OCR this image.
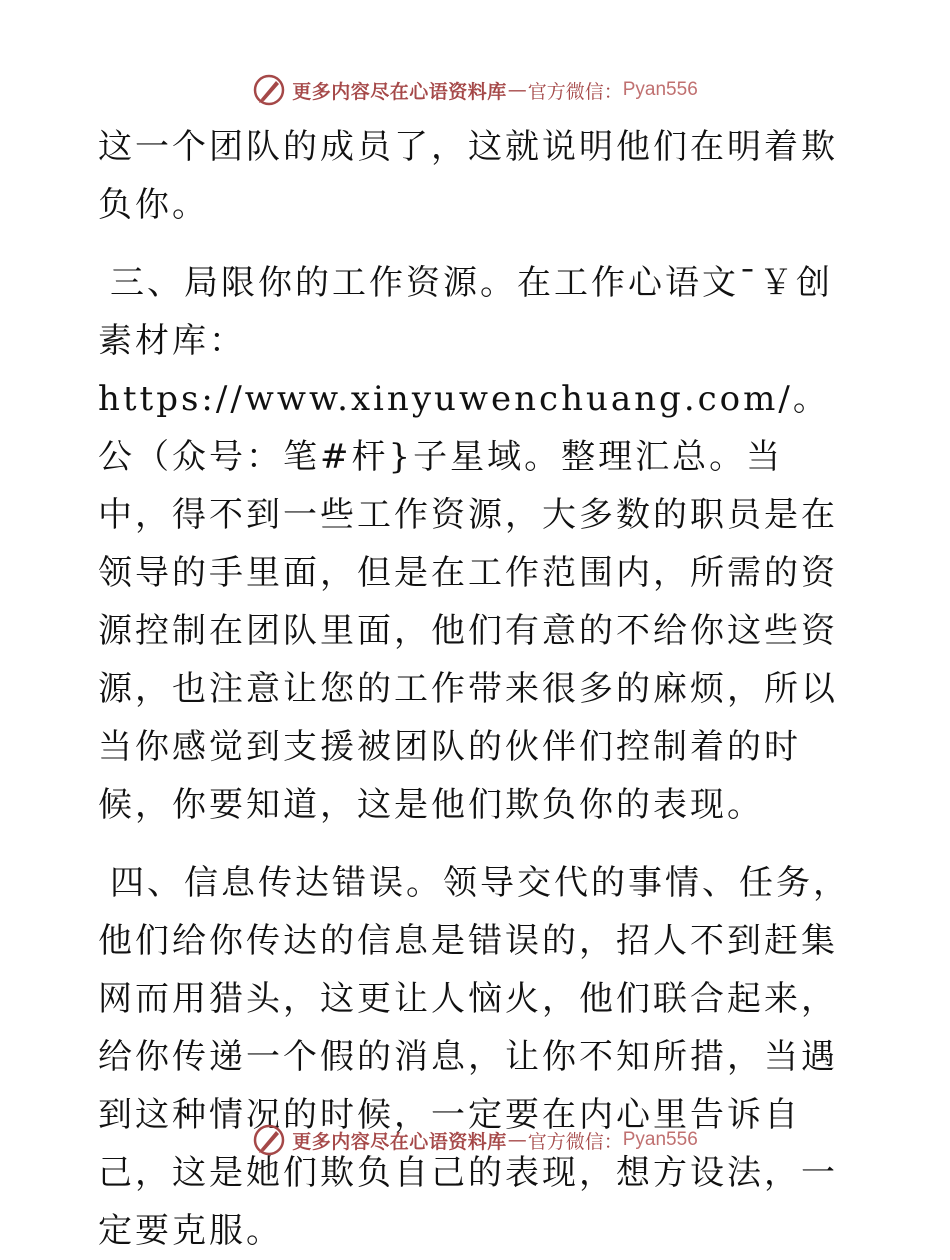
更多内容尽在心语资料库 — 官方微信： Pyan556

这一个团队的成员了，这就说明他们在明着欺负你。

三、局限你的工作资源。在工作心语文¯￥创素材库：https://www.xinyuwenchuang.com/。公（众号：笔#杆}子星域。整理汇总。当中，得不到一些工作资源，大多数的职员是在领导的手里面，但是在工作范围内，所需的资源控制在团队里面，他们有意的不给你这些资源，也注意让您的工作带来很多的麻烦，所以当你感觉到支援被团队的伙伴们控制着的时候，你要知道，这是他们欺负你的表现。

四、信息传达错误。领导交代的事情、任务，他们给你传达的信息是错误的，招人不到赶集网而用猎头，这更让人恼火，他们联合起来，给你传递一个假的消息，让你不知所措，当遇到这种情况的时候，一定要在内心里告诉自己，这是她们欺负自己的表现，想方设法，一定要克服。

更多内容尽在心语资料库 — 官方微信： Pyan556
